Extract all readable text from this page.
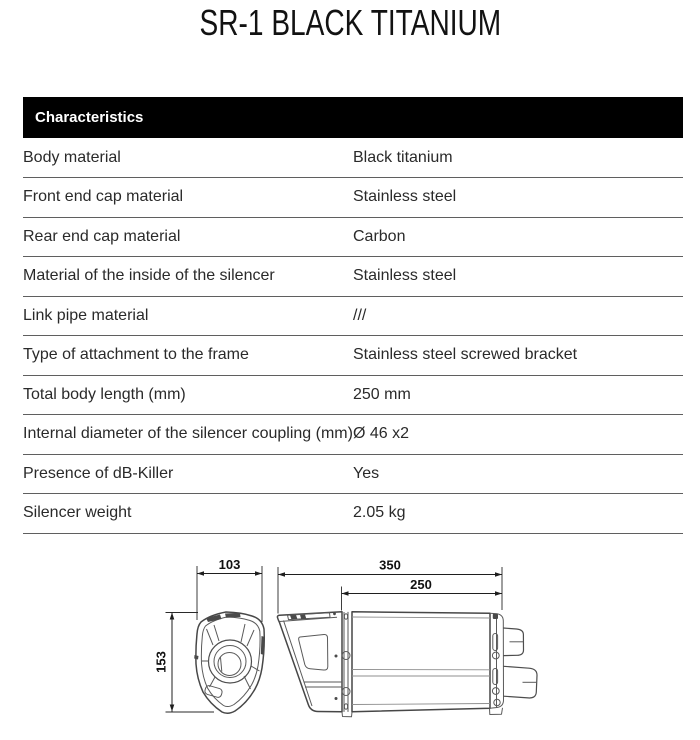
SR-1 BLACK TITANIUM
Characteristics	
Body material	Black titanium
Front end cap material	Stainless steel
Rear end cap material	Carbon
Material of the inside of the silencer	Stainless steel
Link pipe material	///
Type of attachment to the frame	Stainless steel screwed bracket
Total body length (mm)	250 mm
Internal diameter of the silencer coupling (mm)	Ø 46 x2
Presence of dB-Killer	Yes
Silencer weight	2.05 kg
103	350
250
153
